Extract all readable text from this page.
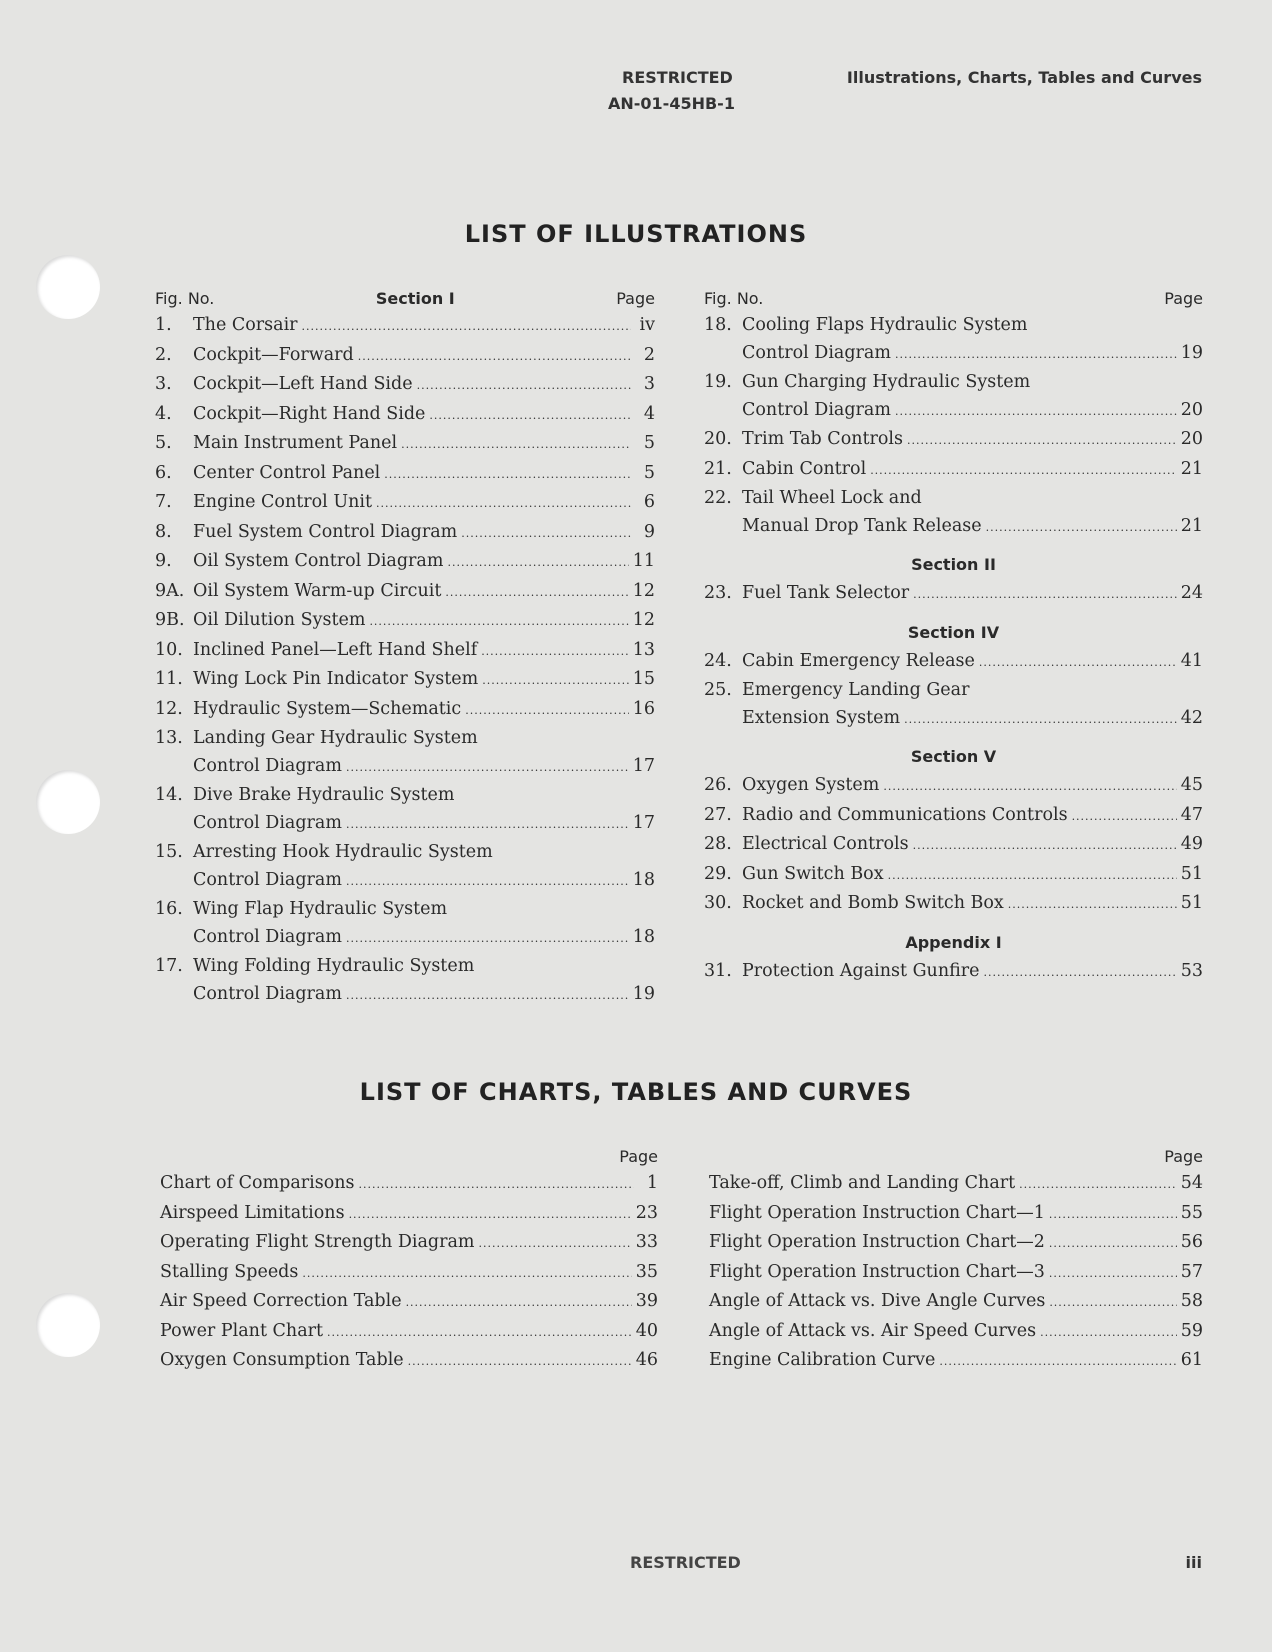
RESTRICTED
AN-01-45HB-1
Illustrations, Charts, Tables and Curves
LIST OF ILLUSTRATIONS
Fig. No.	Section I	Page
1.	The Corsair .....	iv
2.	Cockpit—Forward .....	2
3.	Cockpit—Left Hand Side .....	3
4.	Cockpit—Right Hand Side .....	4
5.	Main Instrument Panel .....	5
6.	Center Control Panel .....	5
7.	Engine Control Unit .....	6
8.	Fuel System Control Diagram .....	9
9.	Oil System Control Diagram .....	11
9A. Oil System Warm-up Circuit .....	12
9B. Oil Dilution System .....	12
10. Inclined Panel—Left Hand Shelf .....	13
11. Wing Lock Pin Indicator System .....	15
12. Hydraulic System—Schematic .....	16
13. Landing Gear Hydraulic System
Control Diagram .....	17
14. Dive Brake Hydraulic System
Control Diagram .....	17
15. Arresting Hook Hydraulic System
Control Diagram .....	18
16. Wing Flap Hydraulic System
Control Diagram .....	18
17. Wing Folding Hydraulic System
Control Diagram .....	19
Fig. No.	Page
18. Cooling Flaps Hydraulic System
Control Diagram .....	19
19. Gun Charging Hydraulic System
Control Diagram .....	20
20. Trim Tab Controls .....	20
21. Cabin Control .....	21
22. Tail Wheel Lock and
Manual Drop Tank Release .....	21
Section II
23. Fuel Tank Selector .....	24
Section IV
24. Cabin Emergency Release .....	41
25. Emergency Landing Gear
Extension System .....	42
Section V
26. Oxygen System .....	45
27. Radio and Communications Controls .....	47
28. Electrical Controls .....	49
29. Gun Switch Box .....	51
30. Rocket and Bomb Switch Box .....	51
Appendix I
31. Protection Against Gunfire .....	53
LIST OF CHARTS, TABLES AND CURVES
Page
Chart of Comparisons .....	1
Airspeed Limitations .....	23
Operating Flight Strength Diagram .....	33
Stalling Speeds .....	35
Air Speed Correction Table .....	39
Power Plant Chart .....	40
Oxygen Consumption Table .....	46
Page
Take-off, Climb and Landing Chart .....	54
Flight Operation Instruction Chart—1 .....	55
Flight Operation Instruction Chart—2 .....	56
Flight Operation Instruction Chart—3 .....	57
Angle of Attack vs. Dive Angle Curves .....	58
Angle of Attack vs. Air Speed Curves .....	59
Engine Calibration Curve .....	61
RESTRICTED	iii
